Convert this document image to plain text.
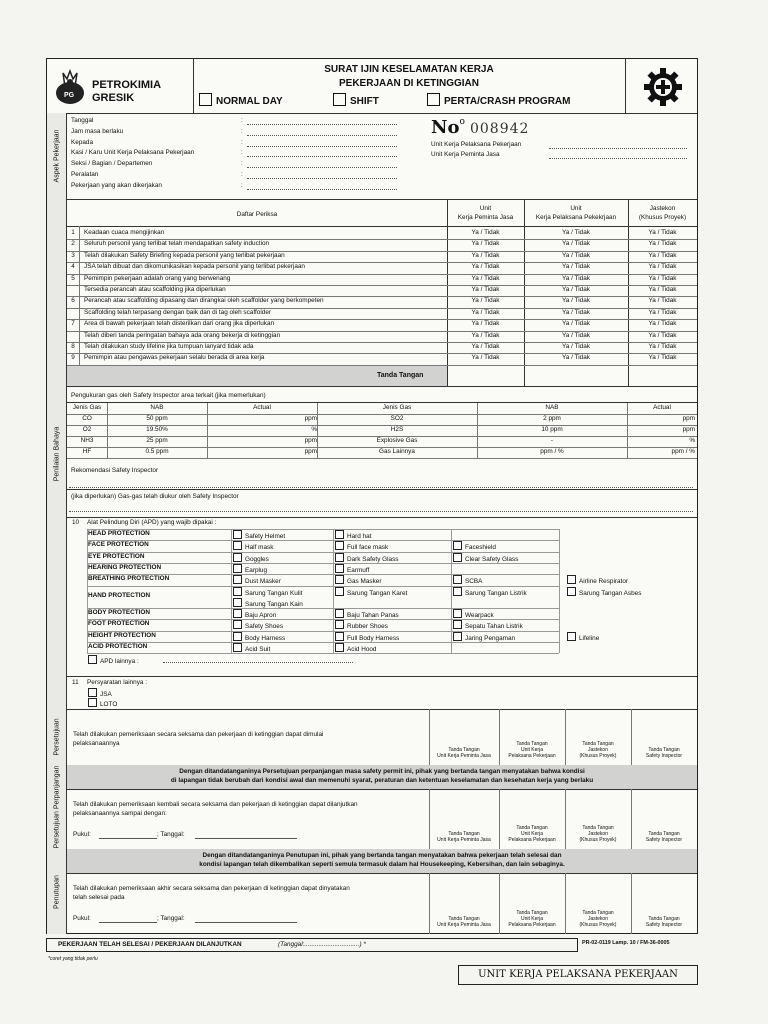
PG
PETROKIMIA
GRESIK
SURAT IJIN KESELAMATAN KERJA
PEKERJAAN DI KETINGGIAN
NORMAL DAY	SHIFT	PERTA/CRASH PROGRAM
Aspek Pekerjaan
Tanggal	:
Jam masa berlaku	:
Kepada	:
Kasi / Karu Unit Kerja Pelaksana Pekerjaan	:
Seksi / Bagian / Departemen	:
Peralatan	:
Pekerjaan yang akan dikerjakan	:
No$^o$ 008942
Unit Kerja Pelaksana Pekerjaan
Unit Kerja Peminta Jasa
Penilaian Bahaya
Daftar Periksa
Unit
Kerja Peminta Jasa
Unit
Kerja Pelaksana Pekekrjaan
Jastekon
(Khusus Proyek)
1	Keadaan cuaca mengijinkan	Ya / Tidak	Ya / Tidak	Ya / Tidak
2	Seluruh personil yang terlibat telah mendapatkan safety induction	Ya / Tidak	Ya / Tidak	Ya / Tidak
3	Telah dilakukan Safety Briefing kepada personil yang terlibat pekerjaan	Ya / Tidak	Ya / Tidak	Ya / Tidak
4	JSA telah dibuat dan dikomunikasikan kepada personil yang terlibat pekerjaan	Ya / Tidak	Ya / Tidak	Ya / Tidak
5	Pemimpin pekerjaan adalah orang yang berwenang	Ya / Tidak	Ya / Tidak	Ya / Tidak
Tersedia perancah atau scaffolding jika diperlukan	Ya / Tidak	Ya / Tidak	Ya / Tidak
6	Perancah atau scaffolding dipasang dan dirangkai oleh scaffolder yang berkompeten	Ya / Tidak	Ya / Tidak	Ya / Tidak
Scaffolding telah terpasang dengan baik dan di tag oleh scaffolder	Ya / Tidak	Ya / Tidak	Ya / Tidak
7	Area di bawah pekerjaan telah disterilkan dari orang jika diperlukan	Ya / Tidak	Ya / Tidak	Ya / Tidak
Telah diberi tanda peringatan bahaya ada orang bekerja di ketinggian	Ya / Tidak	Ya / Tidak	Ya / Tidak
8	Telah dilakukan study lifeline jika tumpuan lanyard tidak ada	Ya / Tidak	Ya / Tidak	Ya / Tidak
9	Pemimpin atau pengawas pekerjaan selalu berada di area kerja	Ya / Tidak	Ya / Tidak	Ya / Tidak
Tanda Tangan
Pengukuran gas oleh Safety Inspector area terkait (jika memerlukan)
Jenis Gas	NAB	Actual	Jenis Gas	NAB	Actual
CO	50 ppm	ppm	SO2	2 ppm	ppm
O2	19.50%	%	H2S	10 ppm	ppm
NH3	25 ppm	ppm	Explosive Gas	-	%
HF	0.5 ppm	ppm	Gas Lainnya	ppm / %	ppm / %
Rekomendasi Safety Inspector
(jika diperlukan) Gas-gas telah diukur oleh Safety Inspector
10 Alat Pelindung Diri (APD) yang wajib dipakai :
HEAD PROTECTION	Safety Helmet	Hard hat
FACE PROTECTION	Half mask	Full face mask	Faceshield
EYE PROTECTION	Goggles	Dark Safety Glass	Clear Safety Glass
HEARING PROTECTION	Earplug	Earmuff
BREATHING PROTECTION	Dust Masker	Gas Masker	SCBA	Airline Respirator
HAND PROTECTION	Sarung Tangan Kulit	Sarung Tangan Karet	Sarung Tangan Listrik	Sarung Tangan Asbes
Sarung Tangan Kain
BODY PROTECTION	Baju Apron	Baju Tahan Panas	Wearpack
FOOT PROTECTION	Safety Shoes	Rubber Shoes	Sepatu Tahan Listrik
HEIGHT PROTECTION	Body Harness	Full Body Harness	Jaring Pengaman	Lifeline
ACID PROTECTION	Acid Suit	Acid Hood
APD lainnya :
11 Persyaratan lainnya :
JSA
LOTO
Persetujuan Telah dilakukan pemeriksaan secara seksama dan pekerjaan di ketinggian dapat dimulai
pelaksanaannya
Tanda Tangan
Unit Kerja Peminta Jasa
Tanda Tangan
Unit Kerja
Pelaksana Pekerjaan
Tanda Tangan
Jastekon
(Khusus Proyek)
Tanda Tangan
Safety Inspector
Persetujuan Perpanjangan	Dengan ditandatanganinya Persetujuan perpanjangan masa safety permit ini, pihak yang bertanda tangan menyatakan bahwa kondisi
di lapangan tidak berubah dari kondisi awal dan memenuhi syarat, peraturan dan ketentuan keselamatan dan kesehatan kerja yang berlaku
Telah dilakukan pemeriksaan kembali secara seksama dan pekerjaan di ketinggian dapat dilanjutkan
pelaksanaannya sampai dengan:
Pukul:	; Tanggal:	Tanda Tangan
Unit Kerja Peminta Jasa
Tanda Tangan
Unit Kerja
Pelaksana Pekerjaan
Tanda Tangan
Jastekon
(Khusus Proyek)
Tanda Tangan
Safety Inspector
Penutupan
Dengan ditandatanganinya Penutupan ini, pihak yang bertanda tangan menyatakan bahwa pekerjaan telah selesai dan
kondisi lapangan telah dikembalikan seperti semula termasuk dalam hal Housekeeping, Kebersihan, dan lain sebaginya.
Telah dilakukan pemeriksaan akhir secara seksama dan pekerjaan di ketinggian dapat dinyatakan
telah selesai pada
Pukul:	; Tanggal:	Tanda Tangan
Unit Kerja Peminta Jasa
Tanda Tangan
Unit Kerja
Pelaksana Pekerjaan
Tanda Tangan
Jastekon
(Khusus Proyek)
Tanda Tangan
Safety Inspector
PEKERJAAN TELAH SELESAI / PEKERJAAN DILANJUTKAN	(Tanggal:...............................) *	PR-02-0119 Lamp. 10 / FM-36-0005
*coret yang tidak perlu
UNIT KERJA PELAKSANA PEKERJAAN
